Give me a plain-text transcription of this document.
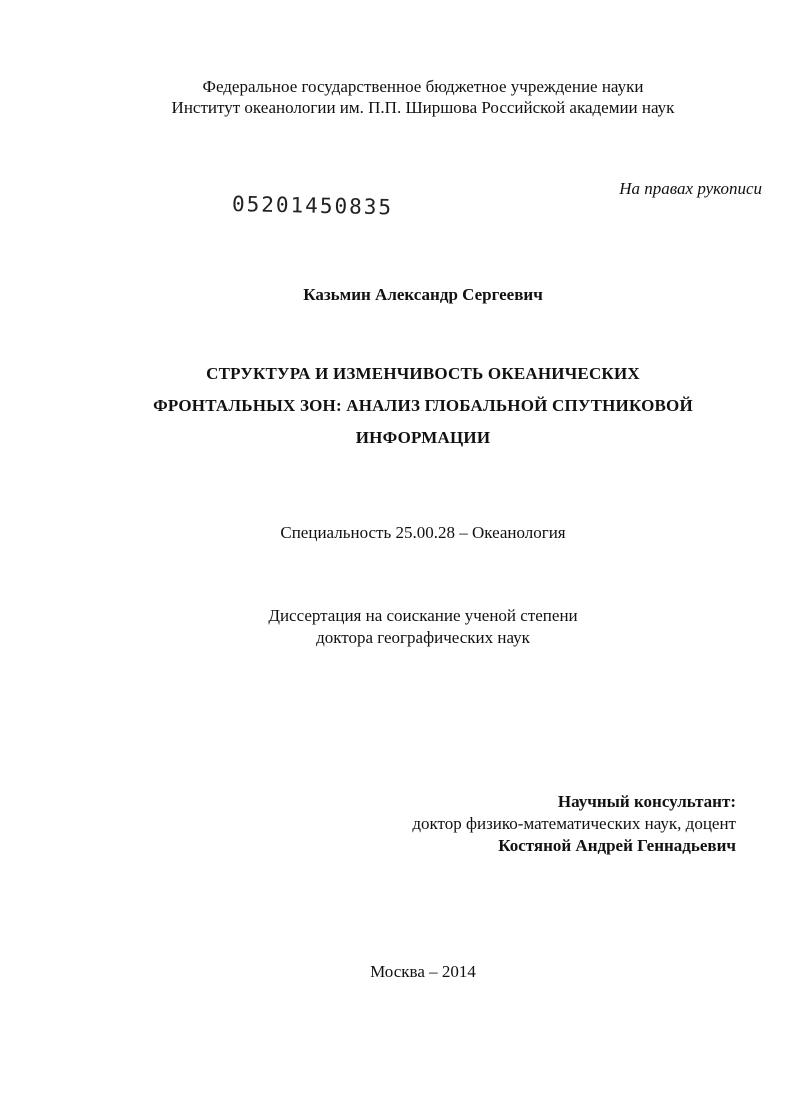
Федеральное государственное бюджетное учреждение науки
Институт океанологии им. П.П. Ширшова Российской академии наук
На правах рукописи
05201450835
Казьмин Александр Сергеевич
СТРУКТУРА И ИЗМЕНЧИВОСТЬ ОКЕАНИЧЕСКИХ
ФРОНТАЛЬНЫХ ЗОН: АНАЛИЗ ГЛОБАЛЬНОЙ СПУТНИКОВОЙ
ИНФОРМАЦИИ
Специальность 25.00.28 – Океанология
Диссертация на соискание ученой степени
доктора географических наук
Научный консультант:
доктор физико-математических наук, доцент
Костяной Андрей Геннадьевич
Москва – 2014
